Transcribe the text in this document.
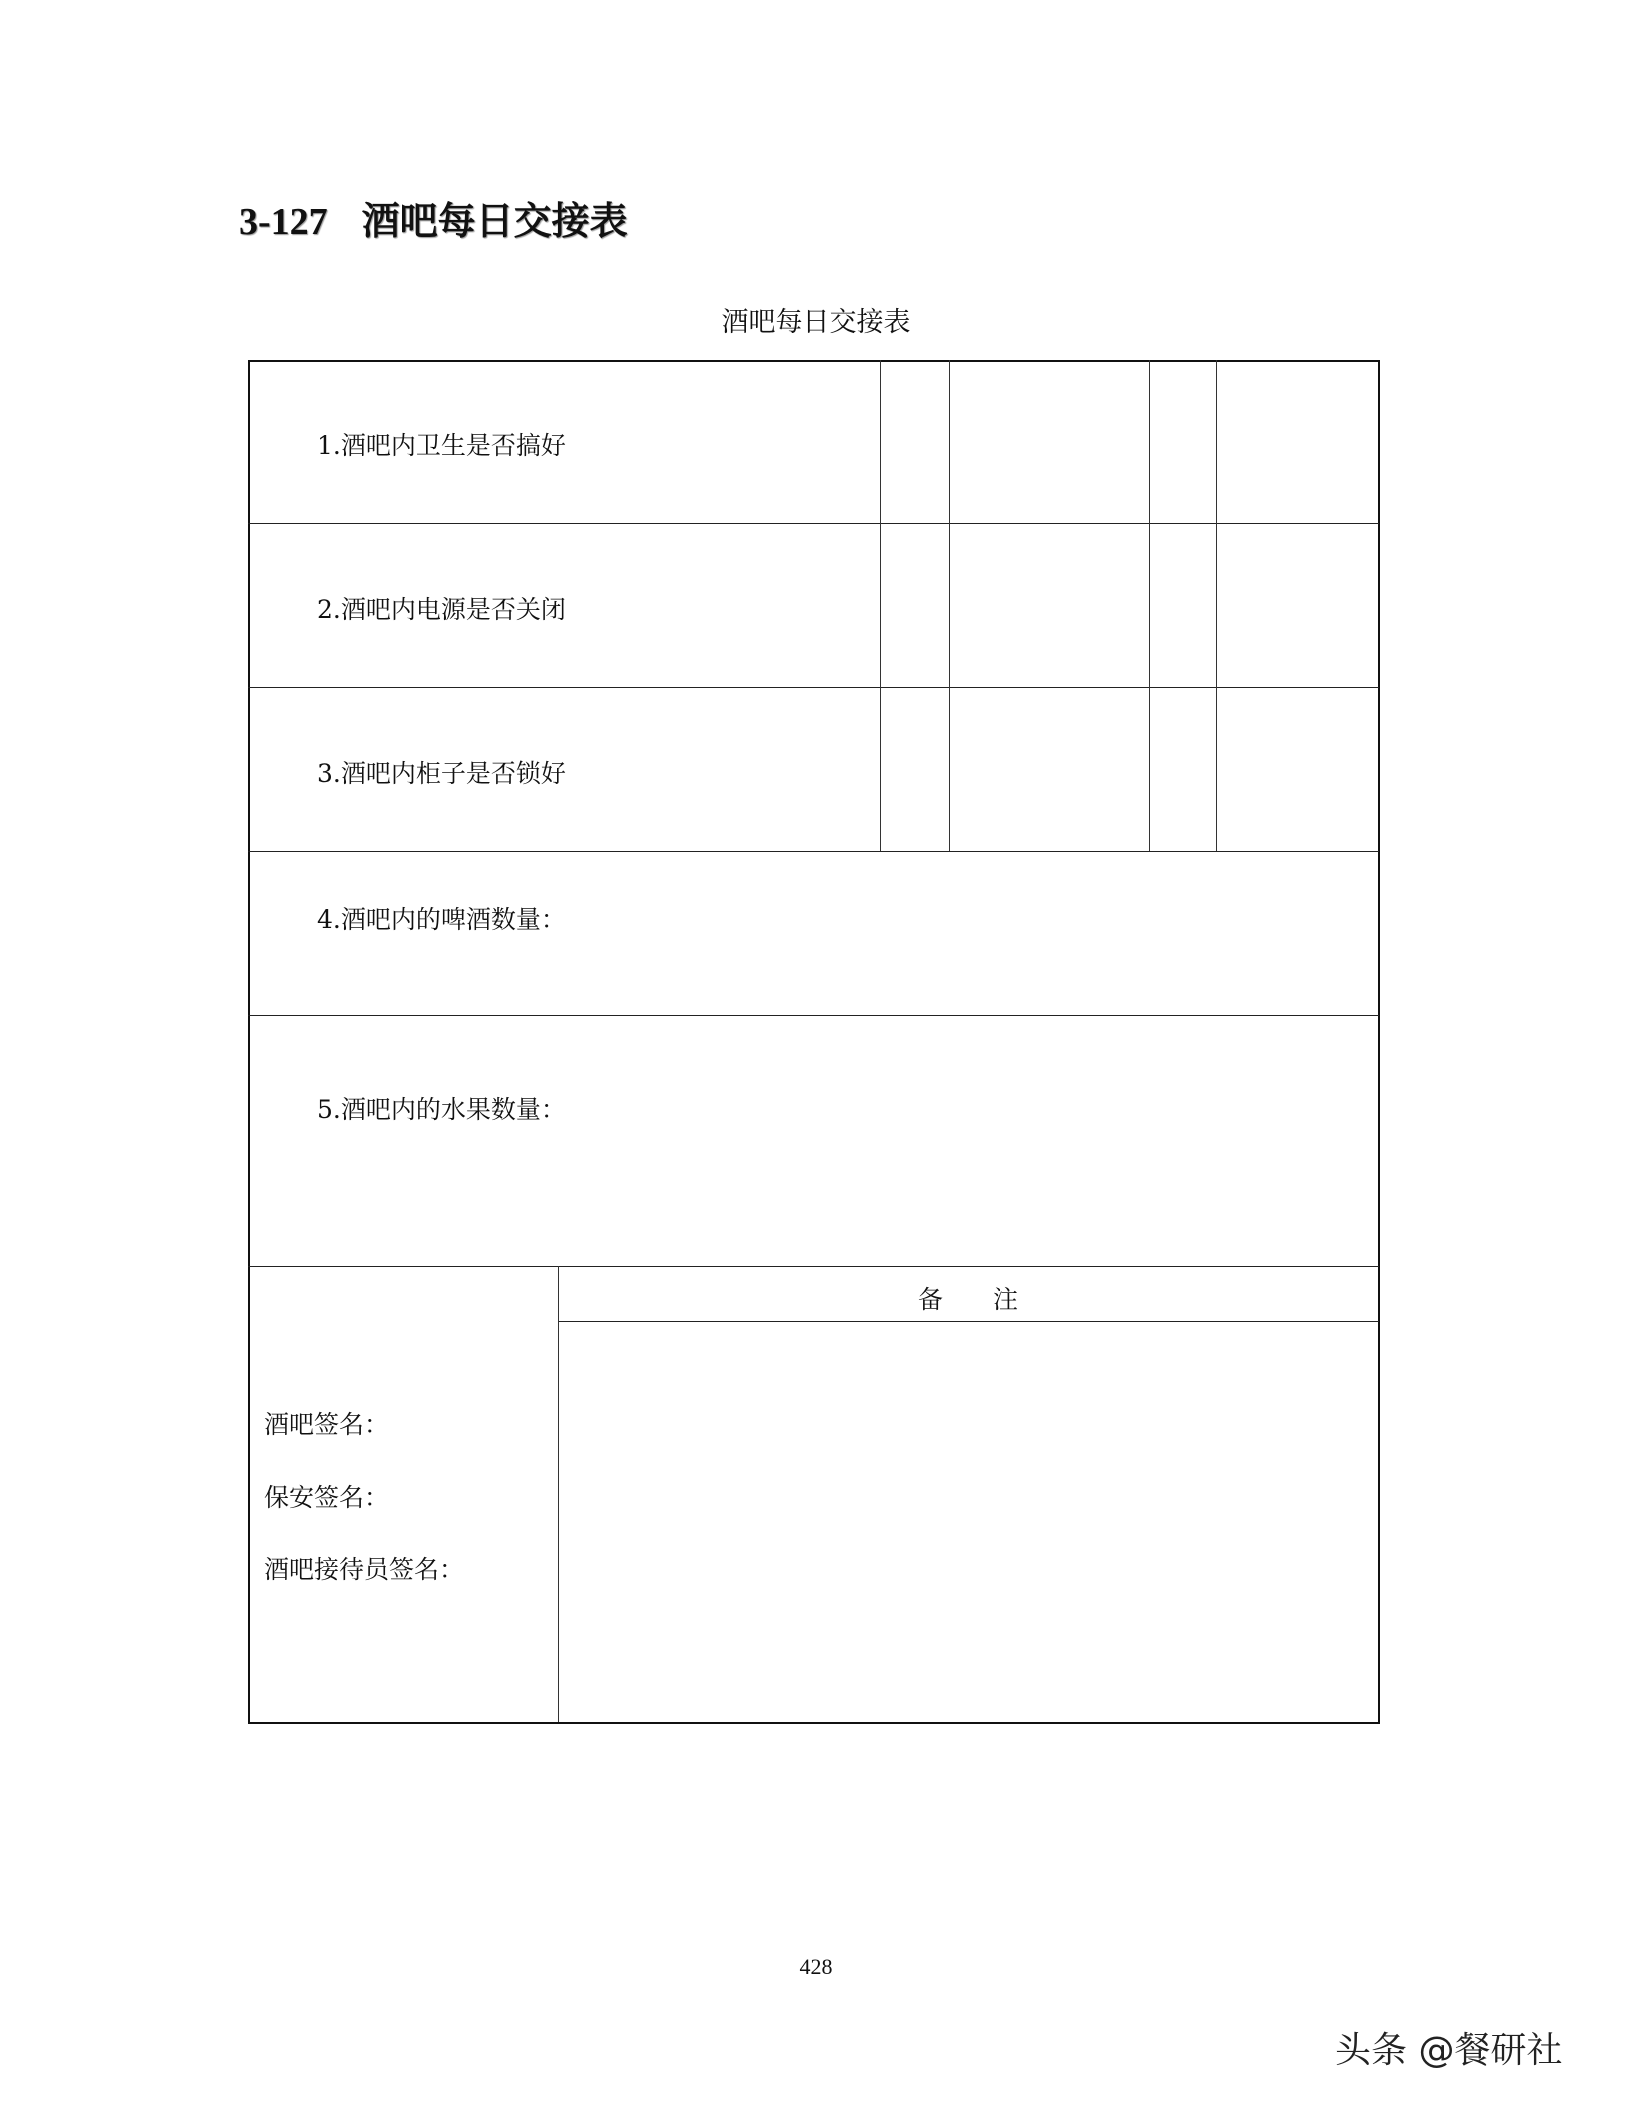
3-127 酒吧每日交接表
酒吧每日交接表
1.酒吧内卫生是否搞好
2.酒吧内电源是否关闭
3.酒吧内柜子是否锁好
4.酒吧内的啤酒数量：
5.酒吧内的水果数量：
备　　注
酒吧签名：
保安签名：
酒吧接待员签名：
428
头条 @餐研社
